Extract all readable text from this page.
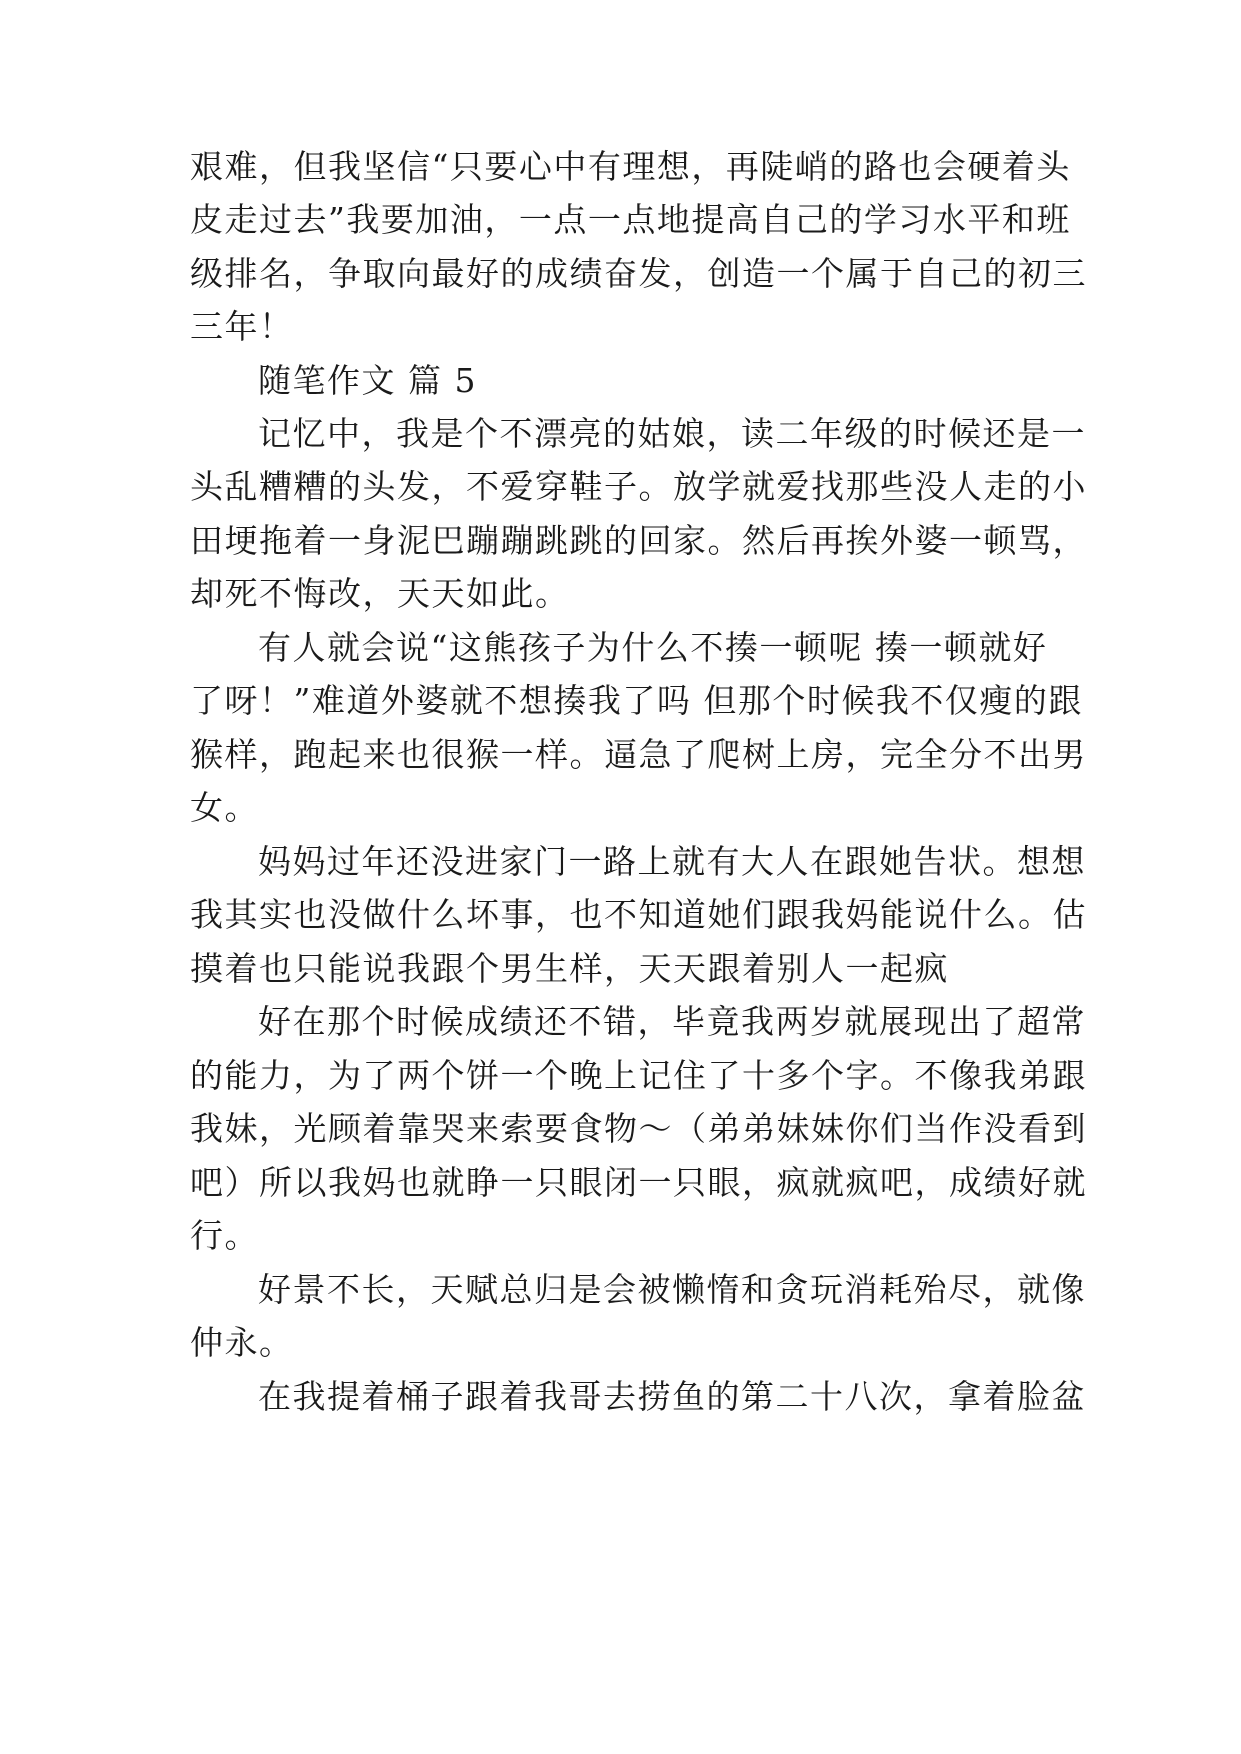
艰难，但我坚信“只要心中有理想，再陡峭的路也会硬着头
皮走过去”我要加油，一点一点地提高自己的学习水平和班
级排名，争取向最好的成绩奋发，创造一个属于自己的初三
三年！
随笔作文 篇 5
记忆中，我是个不漂亮的姑娘，读二年级的时候还是一
头乱糟糟的头发，不爱穿鞋子。放学就爱找那些没人走的小
田埂拖着一身泥巴蹦蹦跳跳的回家。然后再挨外婆一顿骂，
却死不悔改，天天如此。
有人就会说“这熊孩子为什么不揍一顿呢 揍一顿就好
了呀！”难道外婆就不想揍我了吗 但那个时候我不仅瘦的跟
猴样，跑起来也很猴一样。逼急了爬树上房，完全分不出男
女。
妈妈过年还没进家门一路上就有大人在跟她告状。想想
我其实也没做什么坏事，也不知道她们跟我妈能说什么。估
摸着也只能说我跟个男生样，天天跟着别人一起疯
好在那个时候成绩还不错，毕竟我两岁就展现出了超常
的能力，为了两个饼一个晚上记住了十多个字。不像我弟跟
我妹，光顾着靠哭来索要食物～（弟弟妹妹你们当作没看到
吧）所以我妈也就睁一只眼闭一只眼，疯就疯吧，成绩好就
行。
好景不长，天赋总归是会被懒惰和贪玩消耗殆尽，就像
仲永。
在我提着桶子跟着我哥去捞鱼的第二十八次，拿着脸盆
